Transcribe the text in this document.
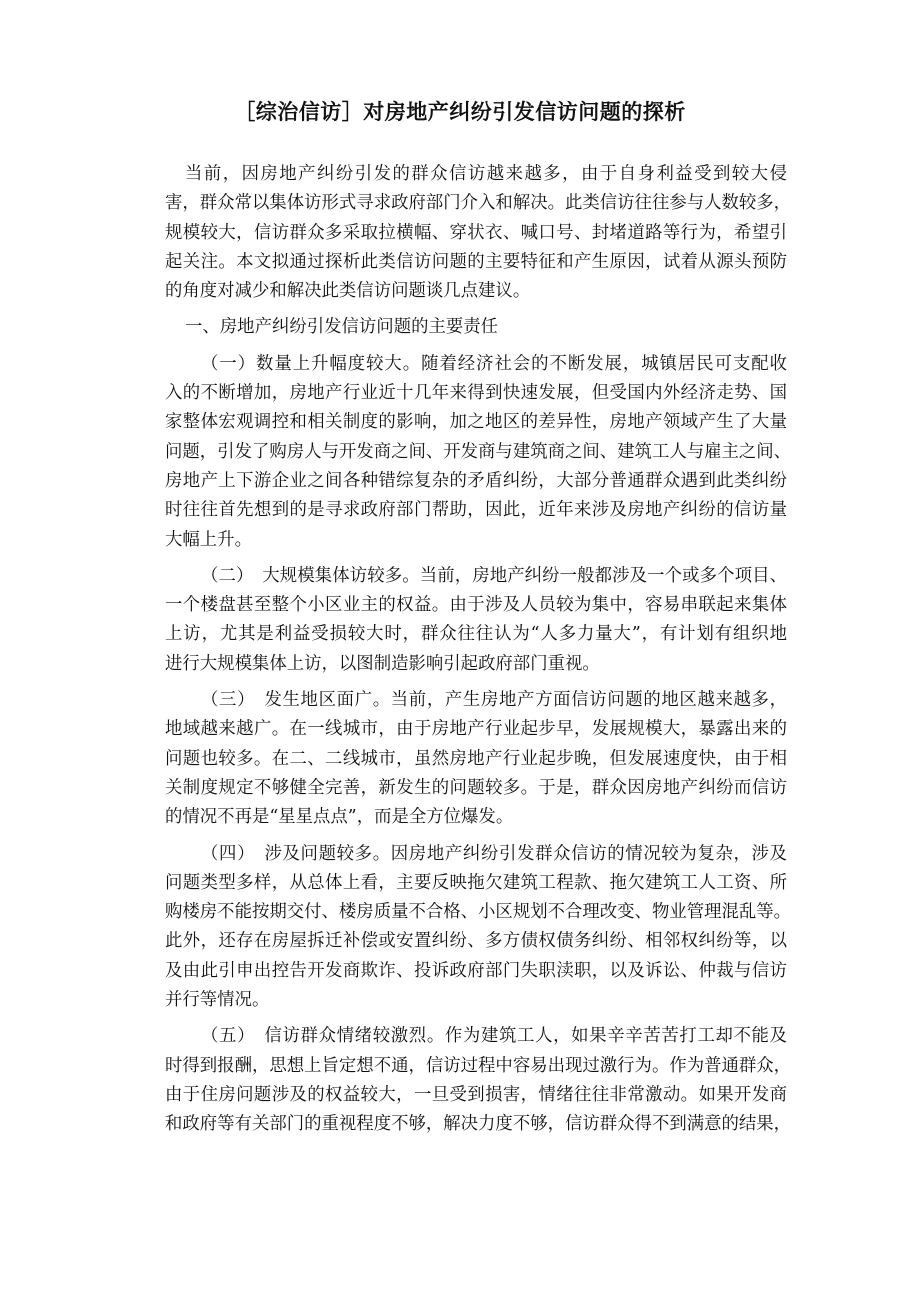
［综治信访］对房地产纠纷引发信访问题的探析
当前，因房地产纠纷引发的群众信访越来越多，由于自身利益受到较大侵
害，群众常以集体访形式寻求政府部门介入和解决。此类信访往往参与人数较多，
规模较大，信访群众多采取拉横幅、穿状衣、喊口号、封堵道路等行为，希望引
起关注。本文拟通过探析此类信访问题的主要特征和产生原因，试着从源头预防
的角度对减少和解决此类信访问题谈几点建议。
一、房地产纠纷引发信访问题的主要责任
（一）数量上升幅度较大。随着经济社会的不断发展，城镇居民可支配收
入的不断增加，房地产行业近十几年来得到快速发展，但受国内外经济走势、国
家整体宏观调控和相关制度的影响，加之地区的差异性，房地产领域产生了大量
问题，引发了购房人与开发商之间、开发商与建筑商之间、建筑工人与雇主之间、
房地产上下游企业之间各种错综复杂的矛盾纠纷，大部分普通群众遇到此类纠纷
时往往首先想到的是寻求政府部门帮助，因此，近年来涉及房地产纠纷的信访量
大幅上升。
（二）　大规模集体访较多。当前，房地产纠纷一般都涉及一个或多个项目、
一个楼盘甚至整个小区业主的权益。由于涉及人员较为集中，容易串联起来集体
上访，尤其是利益受损较大时，群众往往认为“人多力量大”，有计划有组织地
进行大规模集体上访，以图制造影响引起政府部门重视。
（三）　发生地区面广。当前，产生房地产方面信访问题的地区越来越多，
地域越来越广。在一线城市，由于房地产行业起步早，发展规模大，暴露出来的
问题也较多。在二、二线城市，虽然房地产行业起步晚，但发展速度快，由于相
关制度规定不够健全完善，新发生的问题较多。于是，群众因房地产纠纷而信访
的情况不再是“星星点点”，而是全方位爆发。
（四）　涉及问题较多。因房地产纠纷引发群众信访的情况较为复杂，涉及
问题类型多样，从总体上看，主要反映拖欠建筑工程款、拖欠建筑工人工资、所
购楼房不能按期交付、楼房质量不合格、小区规划不合理改变、物业管理混乱等。
此外，还存在房屋拆迁补偿或安置纠纷、多方债权债务纠纷、相邻权纠纷等，以
及由此引申出控告开发商欺诈、投诉政府部门失职渎职，以及诉讼、仲裁与信访
并行等情况。
（五）　信访群众情绪较激烈。作为建筑工人，如果辛辛苦苦打工却不能及
时得到报酬，思想上旨定想不通，信访过程中容易出现过激行为。作为普通群众，
由于住房问题涉及的权益较大，一旦受到损害，情绪往往非常激动。如果开发商
和政府等有关部门的重视程度不够，解决力度不够，信访群众得不到满意的结果，
